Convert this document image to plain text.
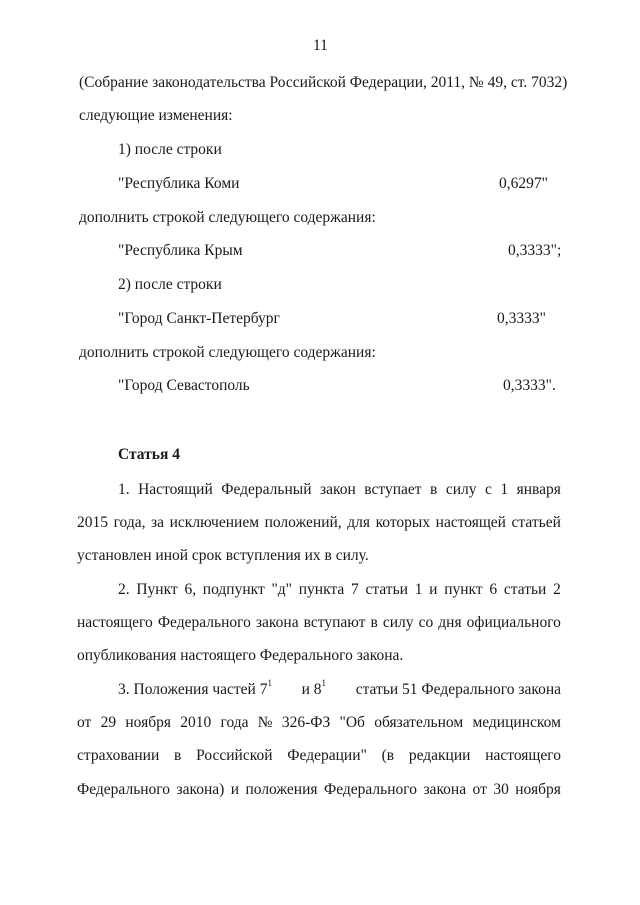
11
(Собрание законодательства Российской Федерации, 2011, № 49, ст. 7032)
следующие изменения:
1) после строки
"Республика Коми	0,6297"
дополнить строкой следующего содержания:
"Республика Крым	0,3333";
2) после строки
"Город Санкт-Петербург	0,3333"
дополнить строкой следующего содержания:
"Город Севастополь	0,3333".
Статья 4
1. Настоящий Федеральный закон вступает в силу с 1 января
2015 года, за исключением положений, для которых настоящей статьей
установлен иной срок вступления их в силу.
2. Пункт 6, подпункт "д" пункта 7 статьи 1 и пункт 6 статьи 2
настоящего Федерального закона вступают в силу со дня официального
опубликования настоящего Федерального закона.
3. Положения частей $7^1$ и $8^1$ статьи 51 Федерального закона
от 29 ноября 2010 года № 326-ФЗ "Об обязательном медицинском
страховании в Российской Федерации" (в редакции настоящего
Федерального закона) и положения Федерального закона от 30 ноября
